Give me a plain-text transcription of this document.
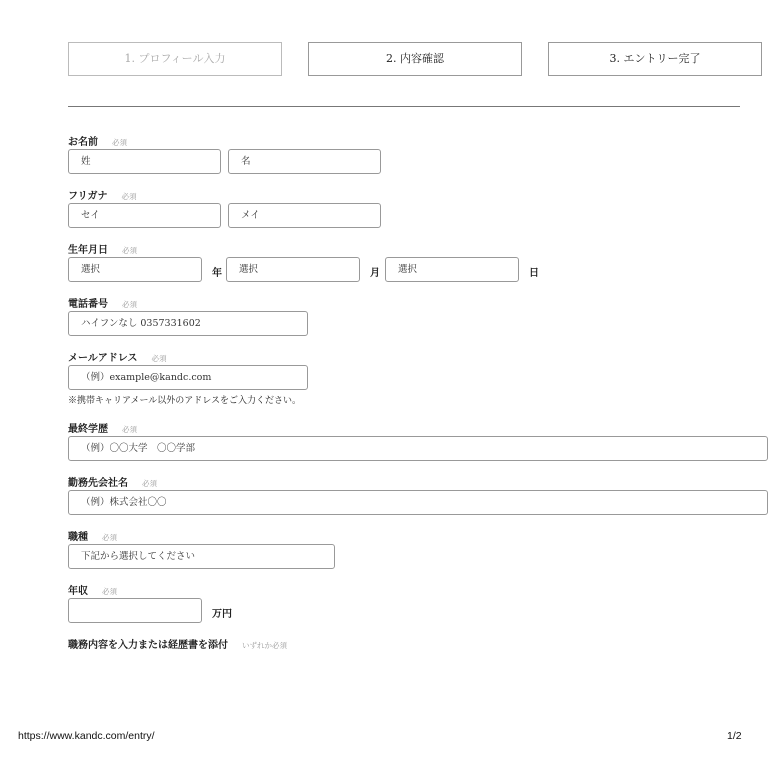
1. プロフィール入力	2. 内容確認	3. エントリー完了
お名前 必須
姓	名
フリガナ 必須
セイ	メイ
生年月日 必須
選択	年	選択	月	選択	日
電話番号 必須
ハイフンなし 0357331602
メールアドレス 必須
（例）example@kandc.com
※携帯キャリアメール以外のアドレスをご入力ください。
最終学歴 必須
（例）〇〇大学　〇〇学部
勤務先会社名 必須
（例）株式会社〇〇
職種 必須
下記から選択してください
年収 必須
万円
職務内容を入力または経歴書を添付 いずれか必須
https://www.kandc.com/entry/	1/2
